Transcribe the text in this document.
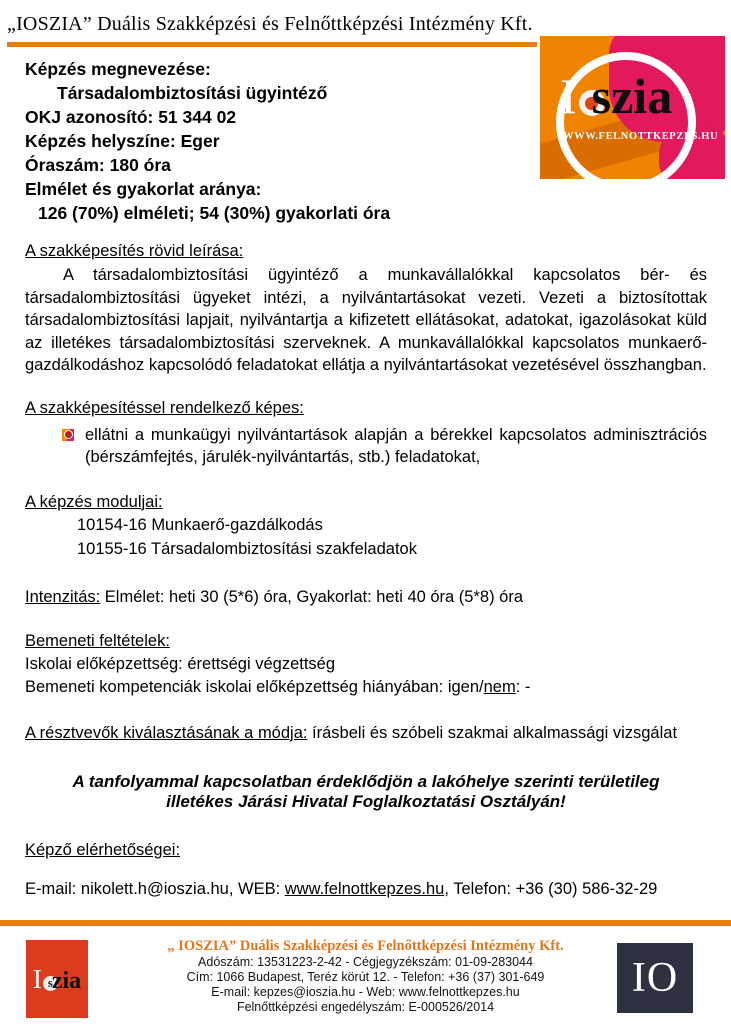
„IOSZIA” Duális Szakképzési és Felnőttképzési Intézmény Kft.
I szia
WWW.FELNOTTKEPZES.HU
Képzés megnevezése:
Társadalombiztosítási ügyintéző
OKJ azonosító: 51 344 02
Képzés helyszíne: Eger
Óraszám: 180 óra
Elmélet és gyakorlat aránya:
126 (70%) elméleti; 54 (30%) gyakorlati óra
A szakképesítés rövid leírása:
A társadalombiztosítási ügyintéző a munkavállalókkal kapcsolatos bér- és társadalombiztosítási ügyeket intézi, a nyilvántartásokat vezeti. Vezeti a biztosítottak társadalombiztosítási lapjait, nyilvántartja a kifizetett ellátásokat, adatokat, igazolásokat küld az illetékes társadalombiztosítási szerveknek. A munkavállalókkal kapcsolatos munkaerő-gazdálkodáshoz kapcsolódó feladatokat ellátja a nyilvántartásokat vezetésével összhangban.
A szakképesítéssel rendelkező képes:
ellátni a munkaügyi nyilvántartások alapján a bérekkel kapcsolatos adminisztrációs (bérszámfejtés, járulék-nyilvántartás, stb.) feladatokat,
A képzés moduljai:
10154-16 Munkaerő-gazdálkodás
10155-16 Társadalombiztosítási szakfeladatok
Intenzitás: Elmélet: heti 30 (5*6) óra, Gyakorlat: heti 40 óra (5*8) óra
Bemeneti feltételek:
Iskolai előképzettség: érettségi végzettség
Bemeneti kompetenciák iskolai előképzettség hiányában: igen/nem: -
A résztvevők kiválasztásának a módja: írásbeli és szóbeli szakmai alkalmassági vizsgálat
A tanfolyammal kapcsolatban érdeklődjön a lakóhelye szerinti területileg illetékes Járási Hivatal Foglalkoztatási Osztályán!
Képző elérhetőségei:
E-mail: nikolett.h@ioszia.hu, WEB: www.felnottkepzes.hu, Telefon: +36 (30) 586-32-29
I s
zia
„ IOSZIA” Duális Szakképzési és Felnőttképzési Intézmény Kft.
Adószám: 13531223-2-42 - Cégjegyzékszám: 01-09-283044
Cím: 1066 Budapest, Teréz körút 12. - Telefon: +36 (37) 301-649
E-mail: kepzes@ioszia.hu - Web: www.felnottkepzes.hu
Felnőttképzési engedélyszám: E-000526/2014
IO
